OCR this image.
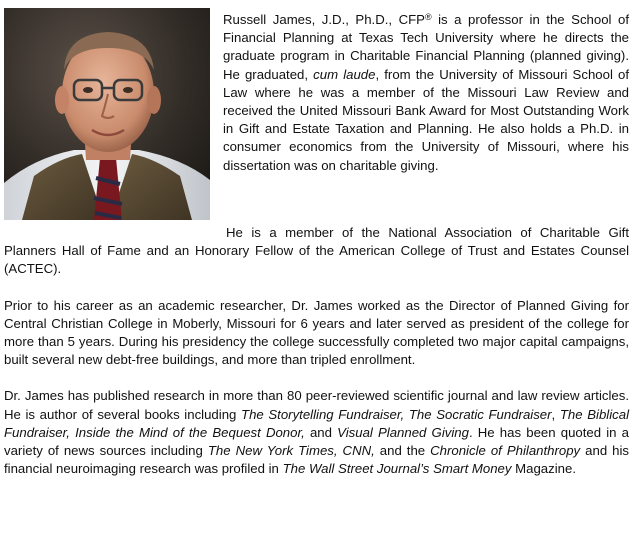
Russell James, J.D., Ph.D., CFP® is a professor in the School of Financial Planning at Texas Tech University where he directs the graduate program in Charitable Financial Planning (planned giving). He graduated, cum laude, from the University of Missouri School of Law where he was a member of the Missouri Law Review and received the United Missouri Bank Award for Most Outstanding Work in Gift and Estate Taxation and Planning. He also holds a Ph.D. in consumer economics from the University of Missouri, where his dissertation was on charitable giving.

He is a member of the National Association of Charitable Gift Planners Hall of Fame and an Honorary Fellow of the American College of Trust and Estates Counsel (ACTEC).

Prior to his career as an academic researcher, Dr. James worked as the Director of Planned Giving for Central Christian College in Moberly, Missouri for 6 years and later served as president of the college for more than 5 years. During his presidency the college successfully completed two major capital campaigns, built several new debt-free buildings, and more than tripled enrollment.

Dr. James has published research in more than 80 peer-reviewed scientific journal and law review articles. He is author of several books including The Storytelling Fundraiser, The Socratic Fundraiser, The Biblical Fundraiser, Inside the Mind of the Bequest Donor, and Visual Planned Giving. He has been quoted in a variety of news sources including The New York Times, CNN, and the Chronicle of Philanthropy and his financial neuroimaging research was profiled in The Wall Street Journal’s Smart Money Magazine.
